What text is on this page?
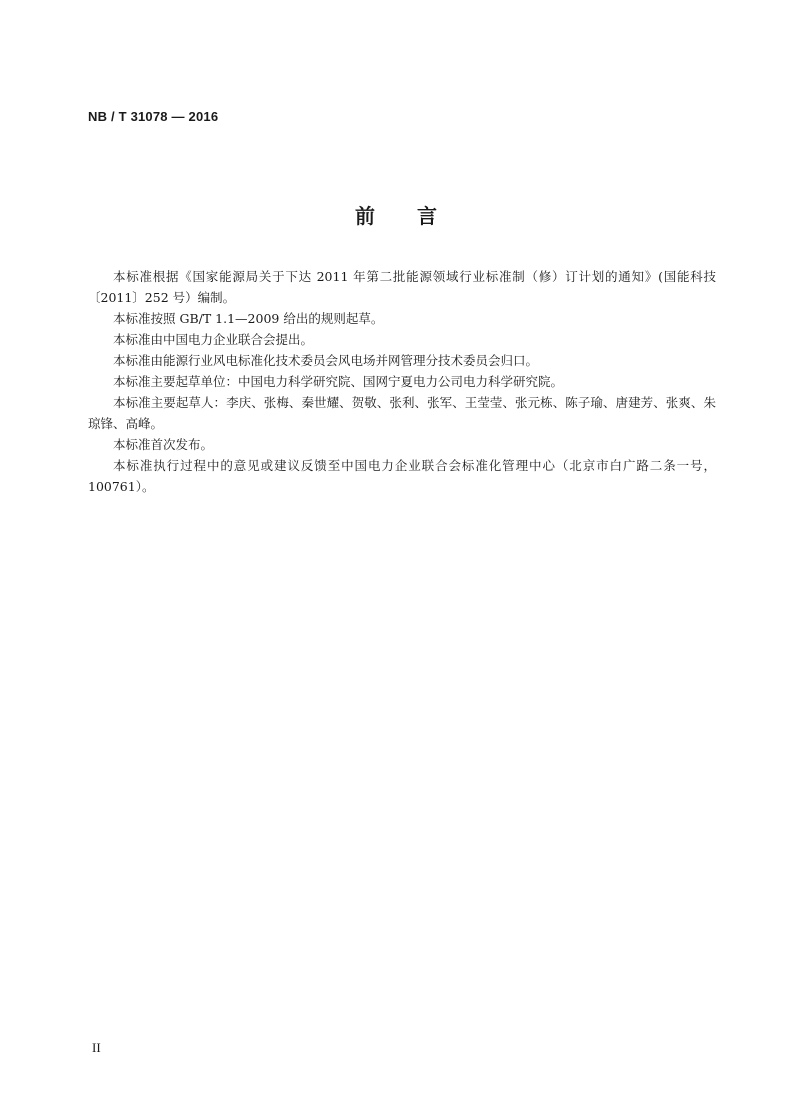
NB / T 31078 — 2016
前 言

本标准根据《国家能源局关于下达 2011 年第二批能源领域行业标准制（修）订计划的通知》(国能科技〔2011〕252 号）编制。

本标准按照 GB/T 1.1—2009 给出的规则起草。

本标准由中国电力企业联合会提出。

本标准由能源行业风电标准化技术委员会风电场并网管理分技术委员会归口。

本标准主要起草单位：中国电力科学研究院、国网宁夏电力公司电力科学研究院。

本标准主要起草人：李庆、张梅、秦世耀、贺敬、张利、张军、王莹莹、张元栋、陈子瑜、唐建芳、张爽、朱琼锋、高峰。

本标准首次发布。

本标准执行过程中的意见或建议反馈至中国电力企业联合会标准化管理中心（北京市白广路二条一号，100761）。

II
